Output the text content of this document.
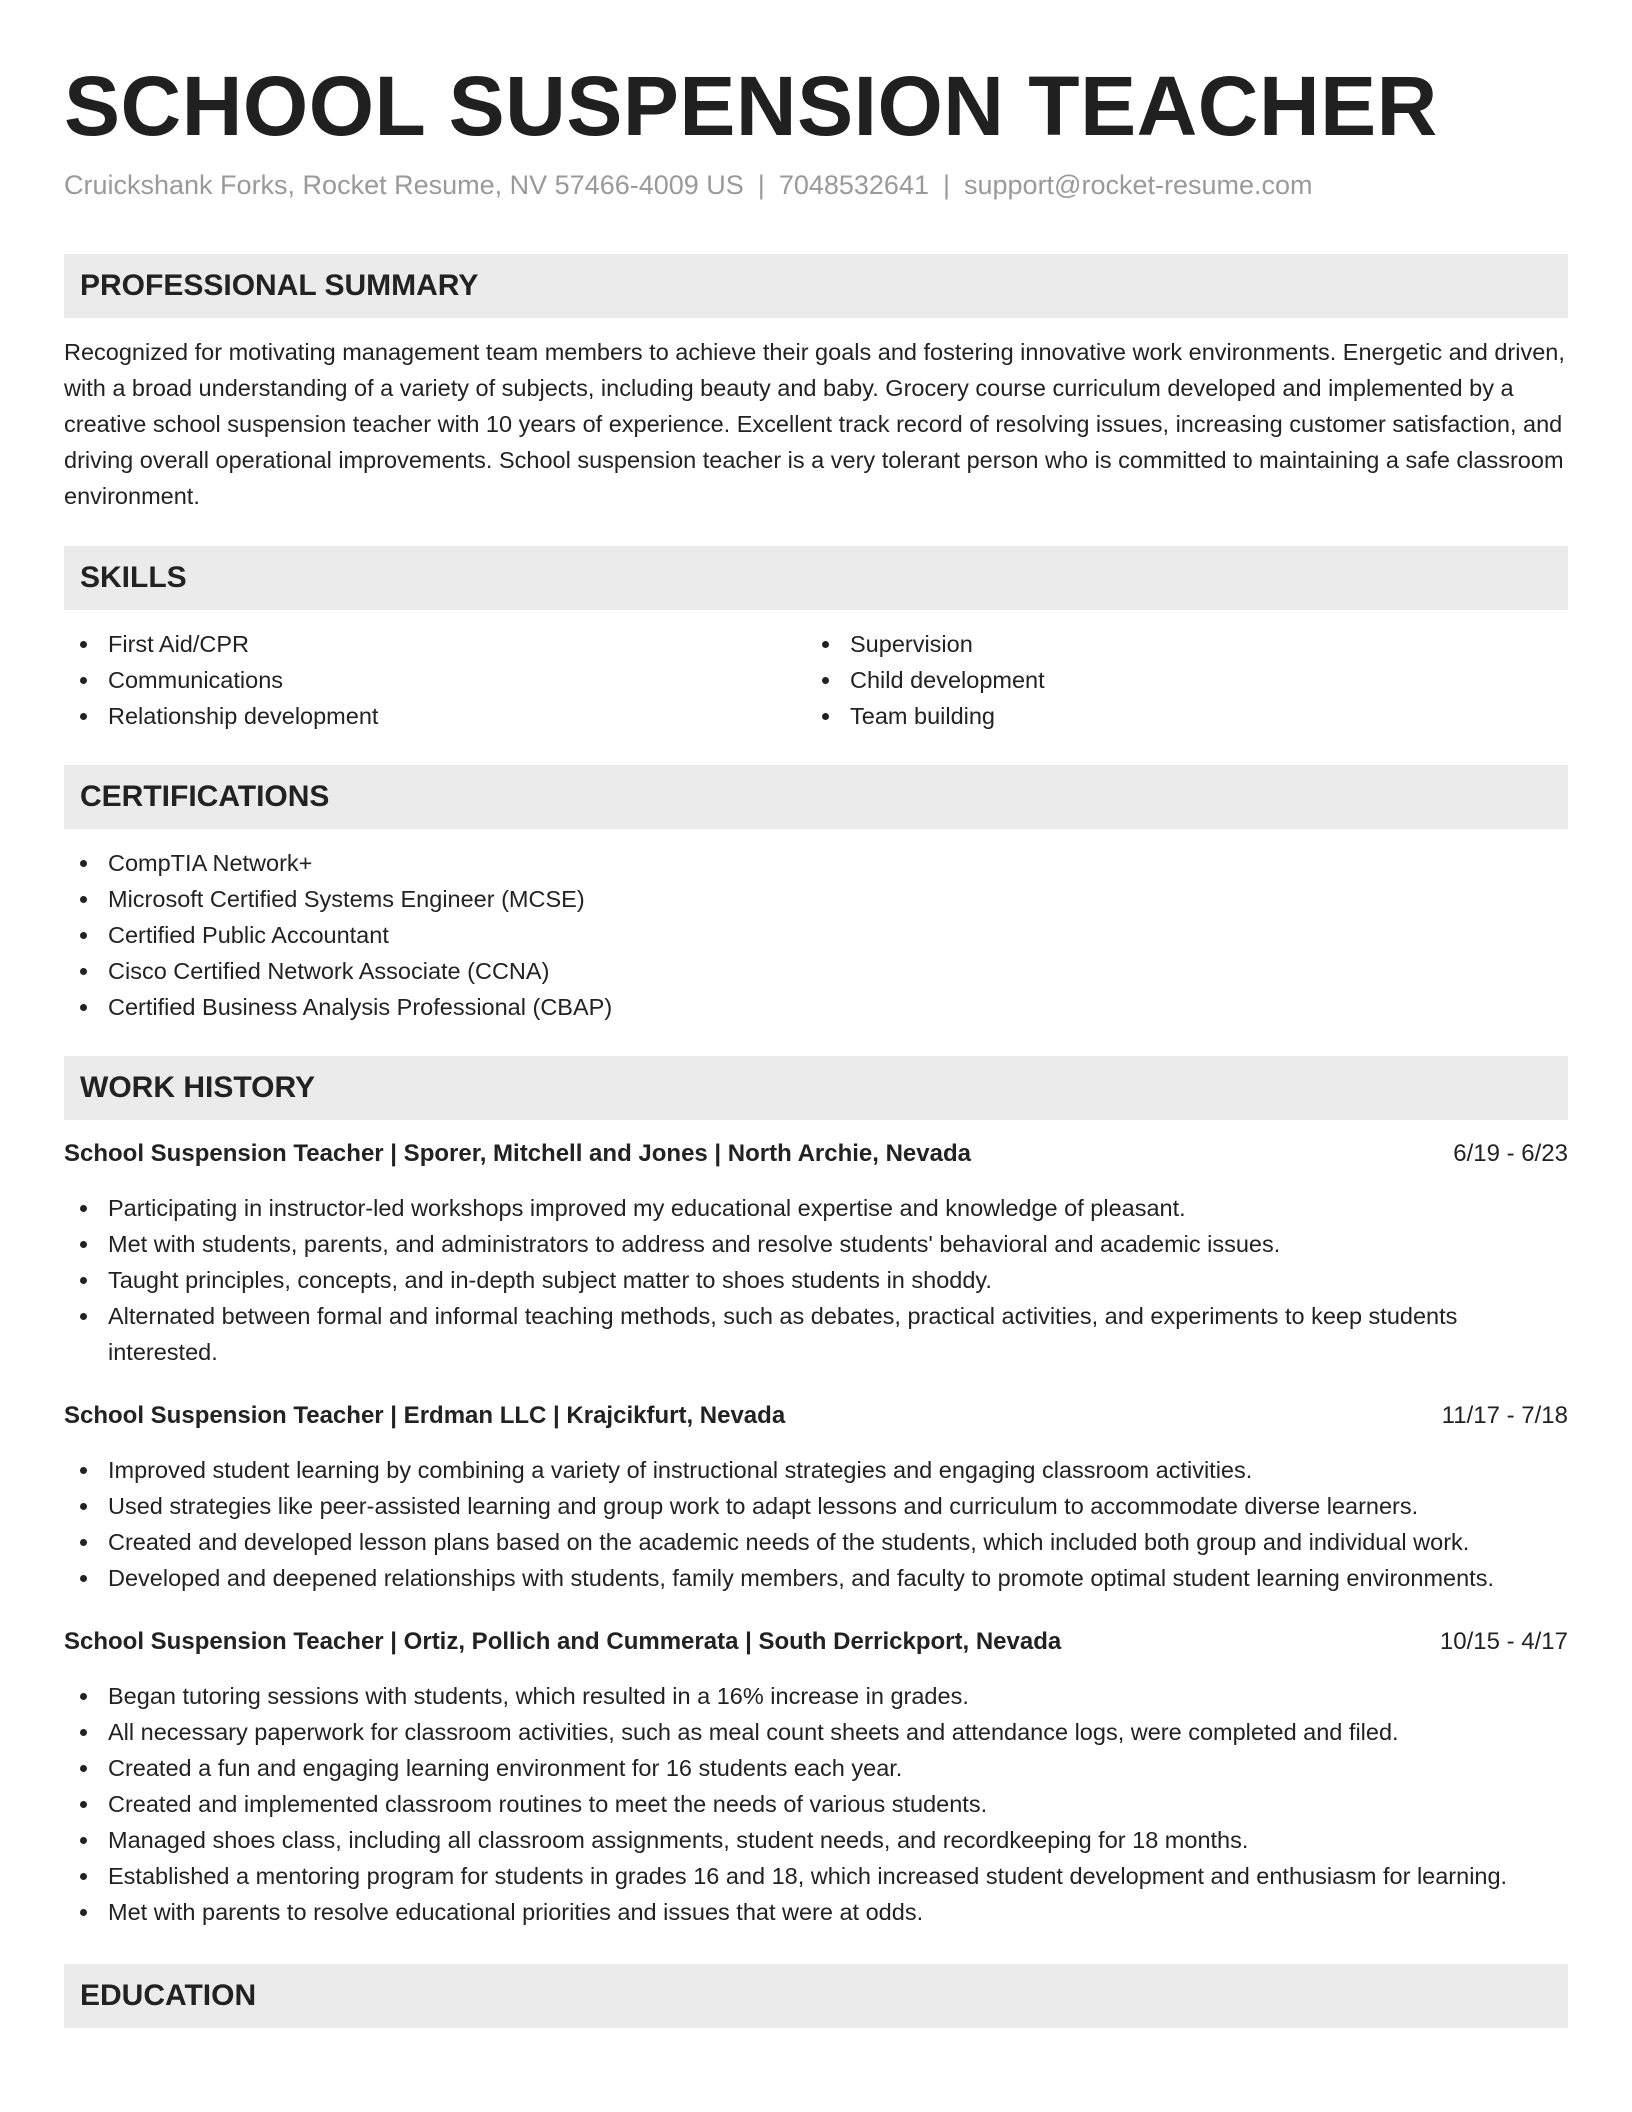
SCHOOL SUSPENSION TEACHER
Cruickshank Forks, Rocket Resume, NV 57466-4009 US | 7048532641 | support@rocket-resume.com
PROFESSIONAL SUMMARY
Recognized for motivating management team members to achieve their goals and fostering innovative work environments. Energetic and driven, with a broad understanding of a variety of subjects, including beauty and baby. Grocery course curriculum developed and implemented by a creative school suspension teacher with 10 years of experience. Excellent track record of resolving issues, increasing customer satisfaction, and driving overall operational improvements. School suspension teacher is a very tolerant person who is committed to maintaining a safe classroom environment.
SKILLS
First Aid/CPR
Communications
Relationship development
Supervision
Child development
Team building
CERTIFICATIONS
CompTIA Network+
Microsoft Certified Systems Engineer (MCSE)
Certified Public Accountant
Cisco Certified Network Associate (CCNA)
Certified Business Analysis Professional (CBAP)
WORK HISTORY
School Suspension Teacher | Sporer, Mitchell and Jones | North Archie, Nevada	6/19 - 6/23
Participating in instructor-led workshops improved my educational expertise and knowledge of pleasant.
Met with students, parents, and administrators to address and resolve students' behavioral and academic issues.
Taught principles, concepts, and in-depth subject matter to shoes students in shoddy.
Alternated between formal and informal teaching methods, such as debates, practical activities, and experiments to keep students interested.
School Suspension Teacher | Erdman LLC | Krajcikfurt, Nevada	11/17 - 7/18
Improved student learning by combining a variety of instructional strategies and engaging classroom activities.
Used strategies like peer-assisted learning and group work to adapt lessons and curriculum to accommodate diverse learners.
Created and developed lesson plans based on the academic needs of the students, which included both group and individual work.
Developed and deepened relationships with students, family members, and faculty to promote optimal student learning environments.
School Suspension Teacher | Ortiz, Pollich and Cummerata | South Derrickport, Nevada	10/15 - 4/17
Began tutoring sessions with students, which resulted in a 16% increase in grades.
All necessary paperwork for classroom activities, such as meal count sheets and attendance logs, were completed and filed.
Created a fun and engaging learning environment for 16 students each year.
Created and implemented classroom routines to meet the needs of various students.
Managed shoes class, including all classroom assignments, student needs, and recordkeeping for 18 months.
Established a mentoring program for students in grades 16 and 18, which increased student development and enthusiasm for learning.
Met with parents to resolve educational priorities and issues that were at odds.
EDUCATION
